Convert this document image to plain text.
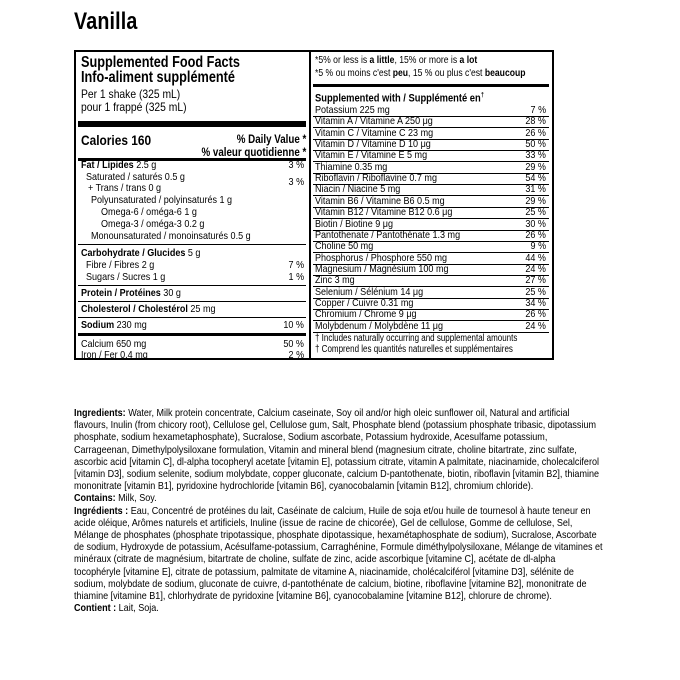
Vanilla
Supplemented Food Facts
Info-aliment supplémenté
Per 1 shake (325 mL)
pour 1 frappé (325 mL)
Calories 160	% Daily Value *
% valeur quotidienne *
Fat / Lipides 2.5 g	3 %
Saturated / saturés 0.5 g	3 %
+ Trans / trans 0 g
Polyunsaturated / polyinsaturés 1 g
Omega-6 / oméga-6 1 g
Omega-3 / oméga-3 0.2 g
Monounsaturated / monoinsaturés 0.5 g
Carbohydrate / Glucides 5 g
Fibre / Fibres 2 g	7 %
Sugars / Sucres 1 g	1 %
Protein / Protéines 30 g
Cholesterol / Cholestérol 25 mg
Sodium 230 mg	10 %
Calcium 650 mg	50 %
Iron / Fer 0.4 mg	2 %
*5% or less is a little, 15% or more is a lot
*5 % ou moins c'est peu, 15 % ou plus c'est beaucoup
Supplemented with / Supplémenté en†
Potassium 225 mg	7 %
Vitamin A / Vitamine A 250 μg	28 %
Vitamin C / Vitamine C 23 mg	26 %
Vitamin D / Vitamine D 10 μg	50 %
Vitamin E / Vitamine E 5 mg	33 %
Thiamine 0.35 mg	29 %
Riboflavin / Riboflavine 0.7 mg	54 %
Niacin / Niacine 5 mg	31 %
Vitamin B6 / Vitamine B6 0.5 mg	29 %
Vitamin B12 / Vitamine B12 0.6 μg	25 %
Biotin / Biotine 9 μg	30 %
Pantothenate / Pantothénate 1.3 mg	26 %
Choline 50 mg	9 %
Phosphorus / Phosphore 550 mg	44 %
Magnesium / Magnésium 100 mg	24 %
Zinc 3 mg	27 %
Selenium / Sélénium 14 μg	25 %
Copper / Cuivre 0.31 mg	34 %
Chromium / Chrome 9 μg	26 %
Molybdenum / Molybdène 11 μg	24 %
† Includes naturally occurring and supplemental amounts
† Comprend les quantités naturelles et supplémentaires
Ingredients: Water, Milk protein concentrate, Calcium caseinate, Soy oil and/or high oleic sunflower oil, Natural and artificial flavours, Inulin (from chicory root), Cellulose gel, Cellulose gum, Salt, Phosphate blend (potassium phosphate tribasic, dipotassium phosphate, sodium hexametaphosphate), Sucralose, Sodium ascorbate, Potassium hydroxide, Acesulfame potassium, Carrageenan, Dimethylpolysiloxane formulation, Vitamin and mineral blend (magnesium citrate, choline bitartrate, zinc sulfate, ascorbic acid [vitamin C], dl-alpha tocopheryl acetate [vitamin E], potassium citrate, vitamin A palmitate, niacinamide, cholecalciferol [vitamin D3], sodium selenite, sodium molybdate, copper gluconate, calcium D-pantothenate, biotin, riboflavin [vitamin B2], thiamine mononitrate [vitamin B1], pyridoxine hydrochloride [vitamin B6], cyanocobalamin [vitamin B12], chromium chloride).
Contains: Milk, Soy.
Ingrédients : Eau, Concentré de protéines du lait, Caséinate de calcium, Huile de soja et/ou huile de tournesol à haute teneur en acide oléique, Arômes naturels et artificiels, Inuline (issue de racine de chicorée), Gel de cellulose, Gomme de cellulose, Sel, Mélange de phosphates (phosphate tripotassique, phosphate dipotassique, hexamétaphosphate de sodium), Sucralose, Ascorbate de sodium, Hydroxyde de potassium, Acésulfame-potassium, Carraghénine, Formule diméthylpolysiloxane, Mélange de vitamines et minéraux (citrate de magnésium, bitartrate de choline, sulfate de zinc, acide ascorbique [vitamine C], acétate de dl-alpha tocophéryle [vitamine E], citrate de potassium, palmitate de vitamine A, niacinamide, cholécalciférol [vitamine D3], sélénite de sodium, molybdate de sodium, gluconate de cuivre, d-pantothénate de calcium, biotine, riboflavine [vitamine B2], mononitrate de thiamine [vitamine B1], chlorhydrate de pyridoxine [vitamine B6], cyanocobalamine [vitamine B12], chlorure de chrome).
Contient : Lait, Soja.
